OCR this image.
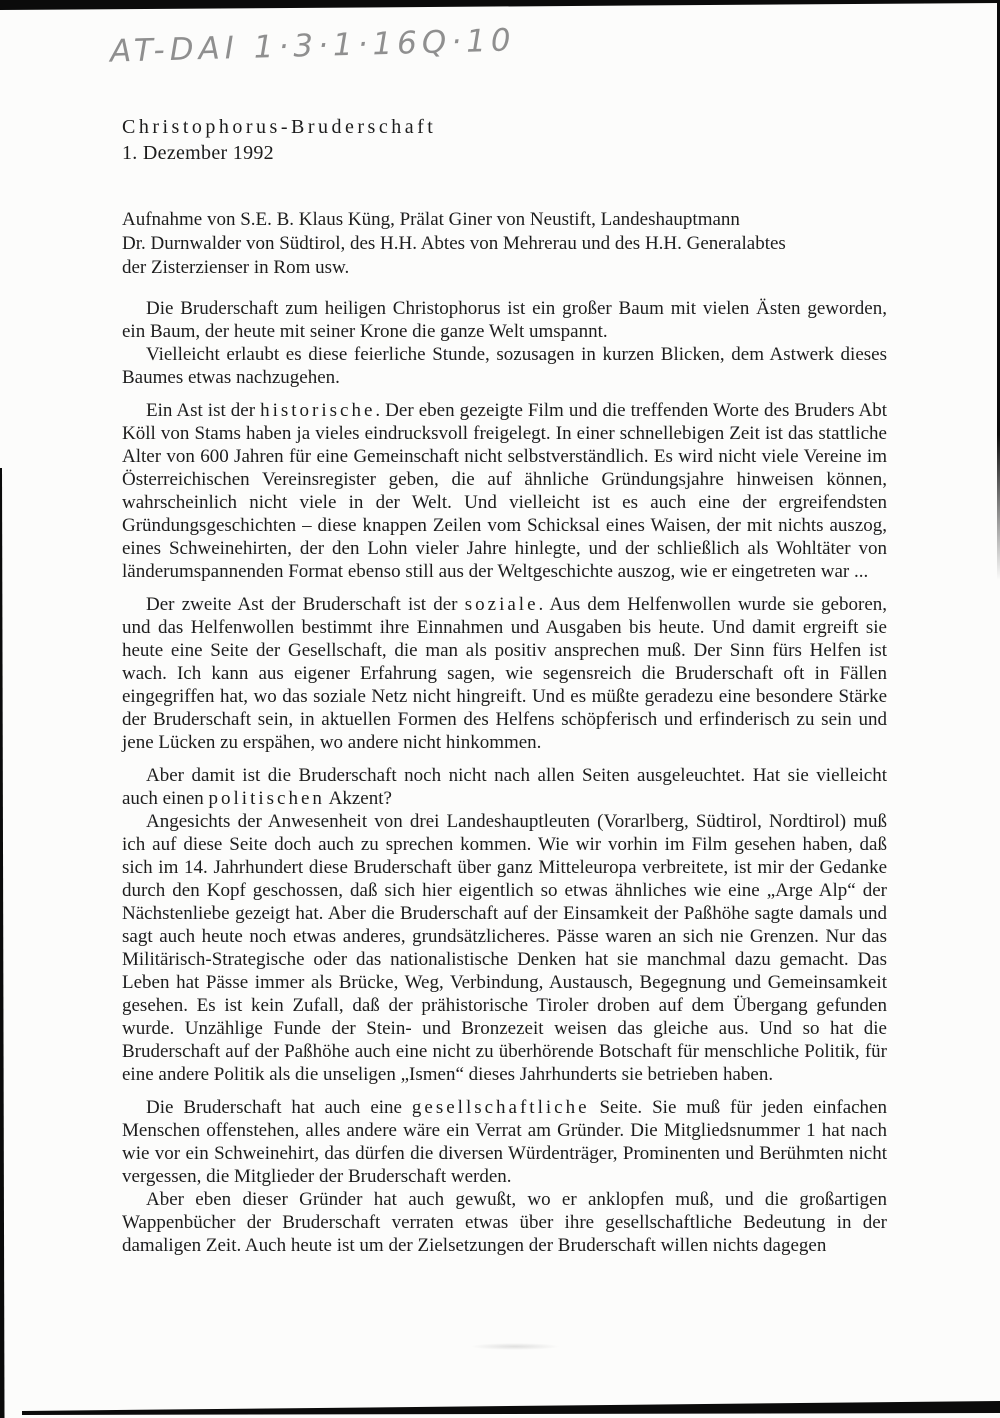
AT-DAI 1·3·1·16Q·10
Christophorus-Bruderschaft
1. Dezember 1992
Aufnahme von S.E. B. Klaus Küng, Prälat Giner von Neustift, Landeshauptmann
Dr. Durnwalder von Südtirol, des H.H. Abtes von Mehrerau und des H.H. Generalabtes
der Zisterzienser in Rom usw.

Die Bruderschaft zum heiligen Christophorus ist ein großer Baum mit vielen Ästen geworden, ein Baum, der heute mit seiner Krone die ganze Welt umspannt.

Vielleicht erlaubt es diese feierliche Stunde, sozusagen in kurzen Blicken, dem Astwerk dieses Baumes etwas nachzugehen.

Ein Ast ist der historische. Der eben gezeigte Film und die treffenden Worte des Bruders Abt Köll von Stams haben ja vieles eindrucksvoll freigelegt. In einer schnellebigen Zeit ist das stattliche Alter von 600 Jahren für eine Gemeinschaft nicht selbstverständlich. Es wird nicht viele Vereine im Österreichischen Vereinsregister geben, die auf ähnliche Gründungsjahre hinweisen können, wahrscheinlich nicht viele in der Welt. Und vielleicht ist es auch eine der ergreifendsten Gründungsgeschichten – diese knappen Zeilen vom Schicksal eines Waisen, der mit nichts auszog, eines Schweinehirten, der den Lohn vieler Jahre hinlegte, und der schließlich als Wohltäter von länderumspannenden Format ebenso still aus der Weltgeschichte auszog, wie er eingetreten war ...

Der zweite Ast der Bruderschaft ist der soziale. Aus dem Helfenwollen wurde sie geboren, und das Helfenwollen bestimmt ihre Einnahmen und Ausgaben bis heute. Und damit ergreift sie heute eine Seite der Gesellschaft, die man als positiv ansprechen muß. Der Sinn fürs Helfen ist wach. Ich kann aus eigener Erfahrung sagen, wie segensreich die Bruderschaft oft in Fällen eingegriffen hat, wo das soziale Netz nicht hingreift. Und es müßte geradezu eine besondere Stärke der Bruderschaft sein, in aktuellen Formen des Helfens schöpferisch und erfinderisch zu sein und jene Lücken zu erspähen, wo andere nicht hinkommen.

Aber damit ist die Bruderschaft noch nicht nach allen Seiten ausgeleuchtet. Hat sie vielleicht auch einen politischen Akzent?

Angesichts der Anwesenheit von drei Landeshauptleuten (Vorarlberg, Südtirol, Nordtirol) muß ich auf diese Seite doch auch zu sprechen kommen. Wie wir vorhin im Film gesehen haben, daß sich im 14. Jahrhundert diese Bruderschaft über ganz Mitteleuropa verbreitete, ist mir der Gedanke durch den Kopf geschossen, daß sich hier eigentlich so etwas ähnliches wie eine „Arge Alp“ der Nächstenliebe gezeigt hat. Aber die Bruderschaft auf der Einsamkeit der Paßhöhe sagte damals und sagt auch heute noch etwas anderes, grundsätzlicheres. Pässe waren an sich nie Grenzen. Nur das Militärisch-Strategische oder das nationalistische Denken hat sie manchmal dazu gemacht. Das Leben hat Pässe immer als Brücke, Weg, Verbindung, Austausch, Begegnung und Gemeinsamkeit gesehen. Es ist kein Zufall, daß der prähistorische Tiroler droben auf dem Übergang gefunden wurde. Unzählige Funde der Stein- und Bronzezeit weisen das gleiche aus. Und so hat die Bruderschaft auf der Paßhöhe auch eine nicht zu überhörende Botschaft für menschliche Politik, für eine andere Politik als die unseligen „Ismen“ dieses Jahrhunderts sie betrieben haben.

Die Bruderschaft hat auch eine gesellschaftliche Seite. Sie muß für jeden einfachen Menschen offenstehen, alles andere wäre ein Verrat am Gründer. Die Mitgliedsnummer 1 hat nach wie vor ein Schweinehirt, das dürfen die diversen Würdenträger, Prominenten und Berühmten nicht vergessen, die Mitglieder der Bruderschaft werden.

Aber eben dieser Gründer hat auch gewußt, wo er anklopfen muß, und die großartigen Wappenbücher der Bruderschaft verraten etwas über ihre gesellschaftliche Bedeutung in der damaligen Zeit. Auch heute ist um der Zielsetzungen der Bruderschaft willen nichts dagegen
